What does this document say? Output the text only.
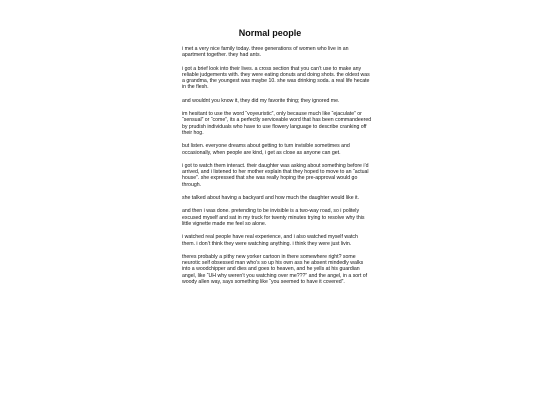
Normal people

i met a very nice family today. three generations of women who live in an apartment together. they had ants.

i got a brief look into their lives. a cross section that you can’t use to make any reliable judgements with. they were eating donuts and doing shots. the oldest was a grandma, the youngest was maybe 10. she was drinking soda. a real life hecate in the flesh.

and wouldnt you know it, they did my favorite thing; they ignored me.

im hesitant to use the word “voyeuristic”, only because much like “ejaculate” or “sensual” or “come”, its a perfectly serviceable word that has been commandeered by prudish individuals who have to use flowery language to describe cranking off their hog.

but listen. everyone dreams about getting to turn invisible sometimes and occasionally, when people are kind, i get as close as anyone can get.

i got to watch them interact. their daughter was asking about something before i’d arrived, and i listened to her mother explain that they hoped to move to an “actual house”. she expressed that she was really hoping the pre-approval would go through.

she talked about having a backyard and how much the daughter would like it.

and then i was done. pretending to be invisible is a two-way road, so i politely excused myself and sat in my truck for twenty minutes trying to resolve why this little vignette made me feel so alone.

i watched real people have real experience, and i also watched myself watch them. i don’t think they were watching anything. i think they were just livin.

theres probably a pithy new yorker cartoon in there somewhere right? some neurotic self obsessed man who’s so up his own ass he absent mindedly walks into a woodchipper and dies and goes to heaven, and he yells at his guardian angel, like “UH why weren’t you watching over me???” and the angel, in a sort of woody allen way, says something like “you seemed to have it covered”.
